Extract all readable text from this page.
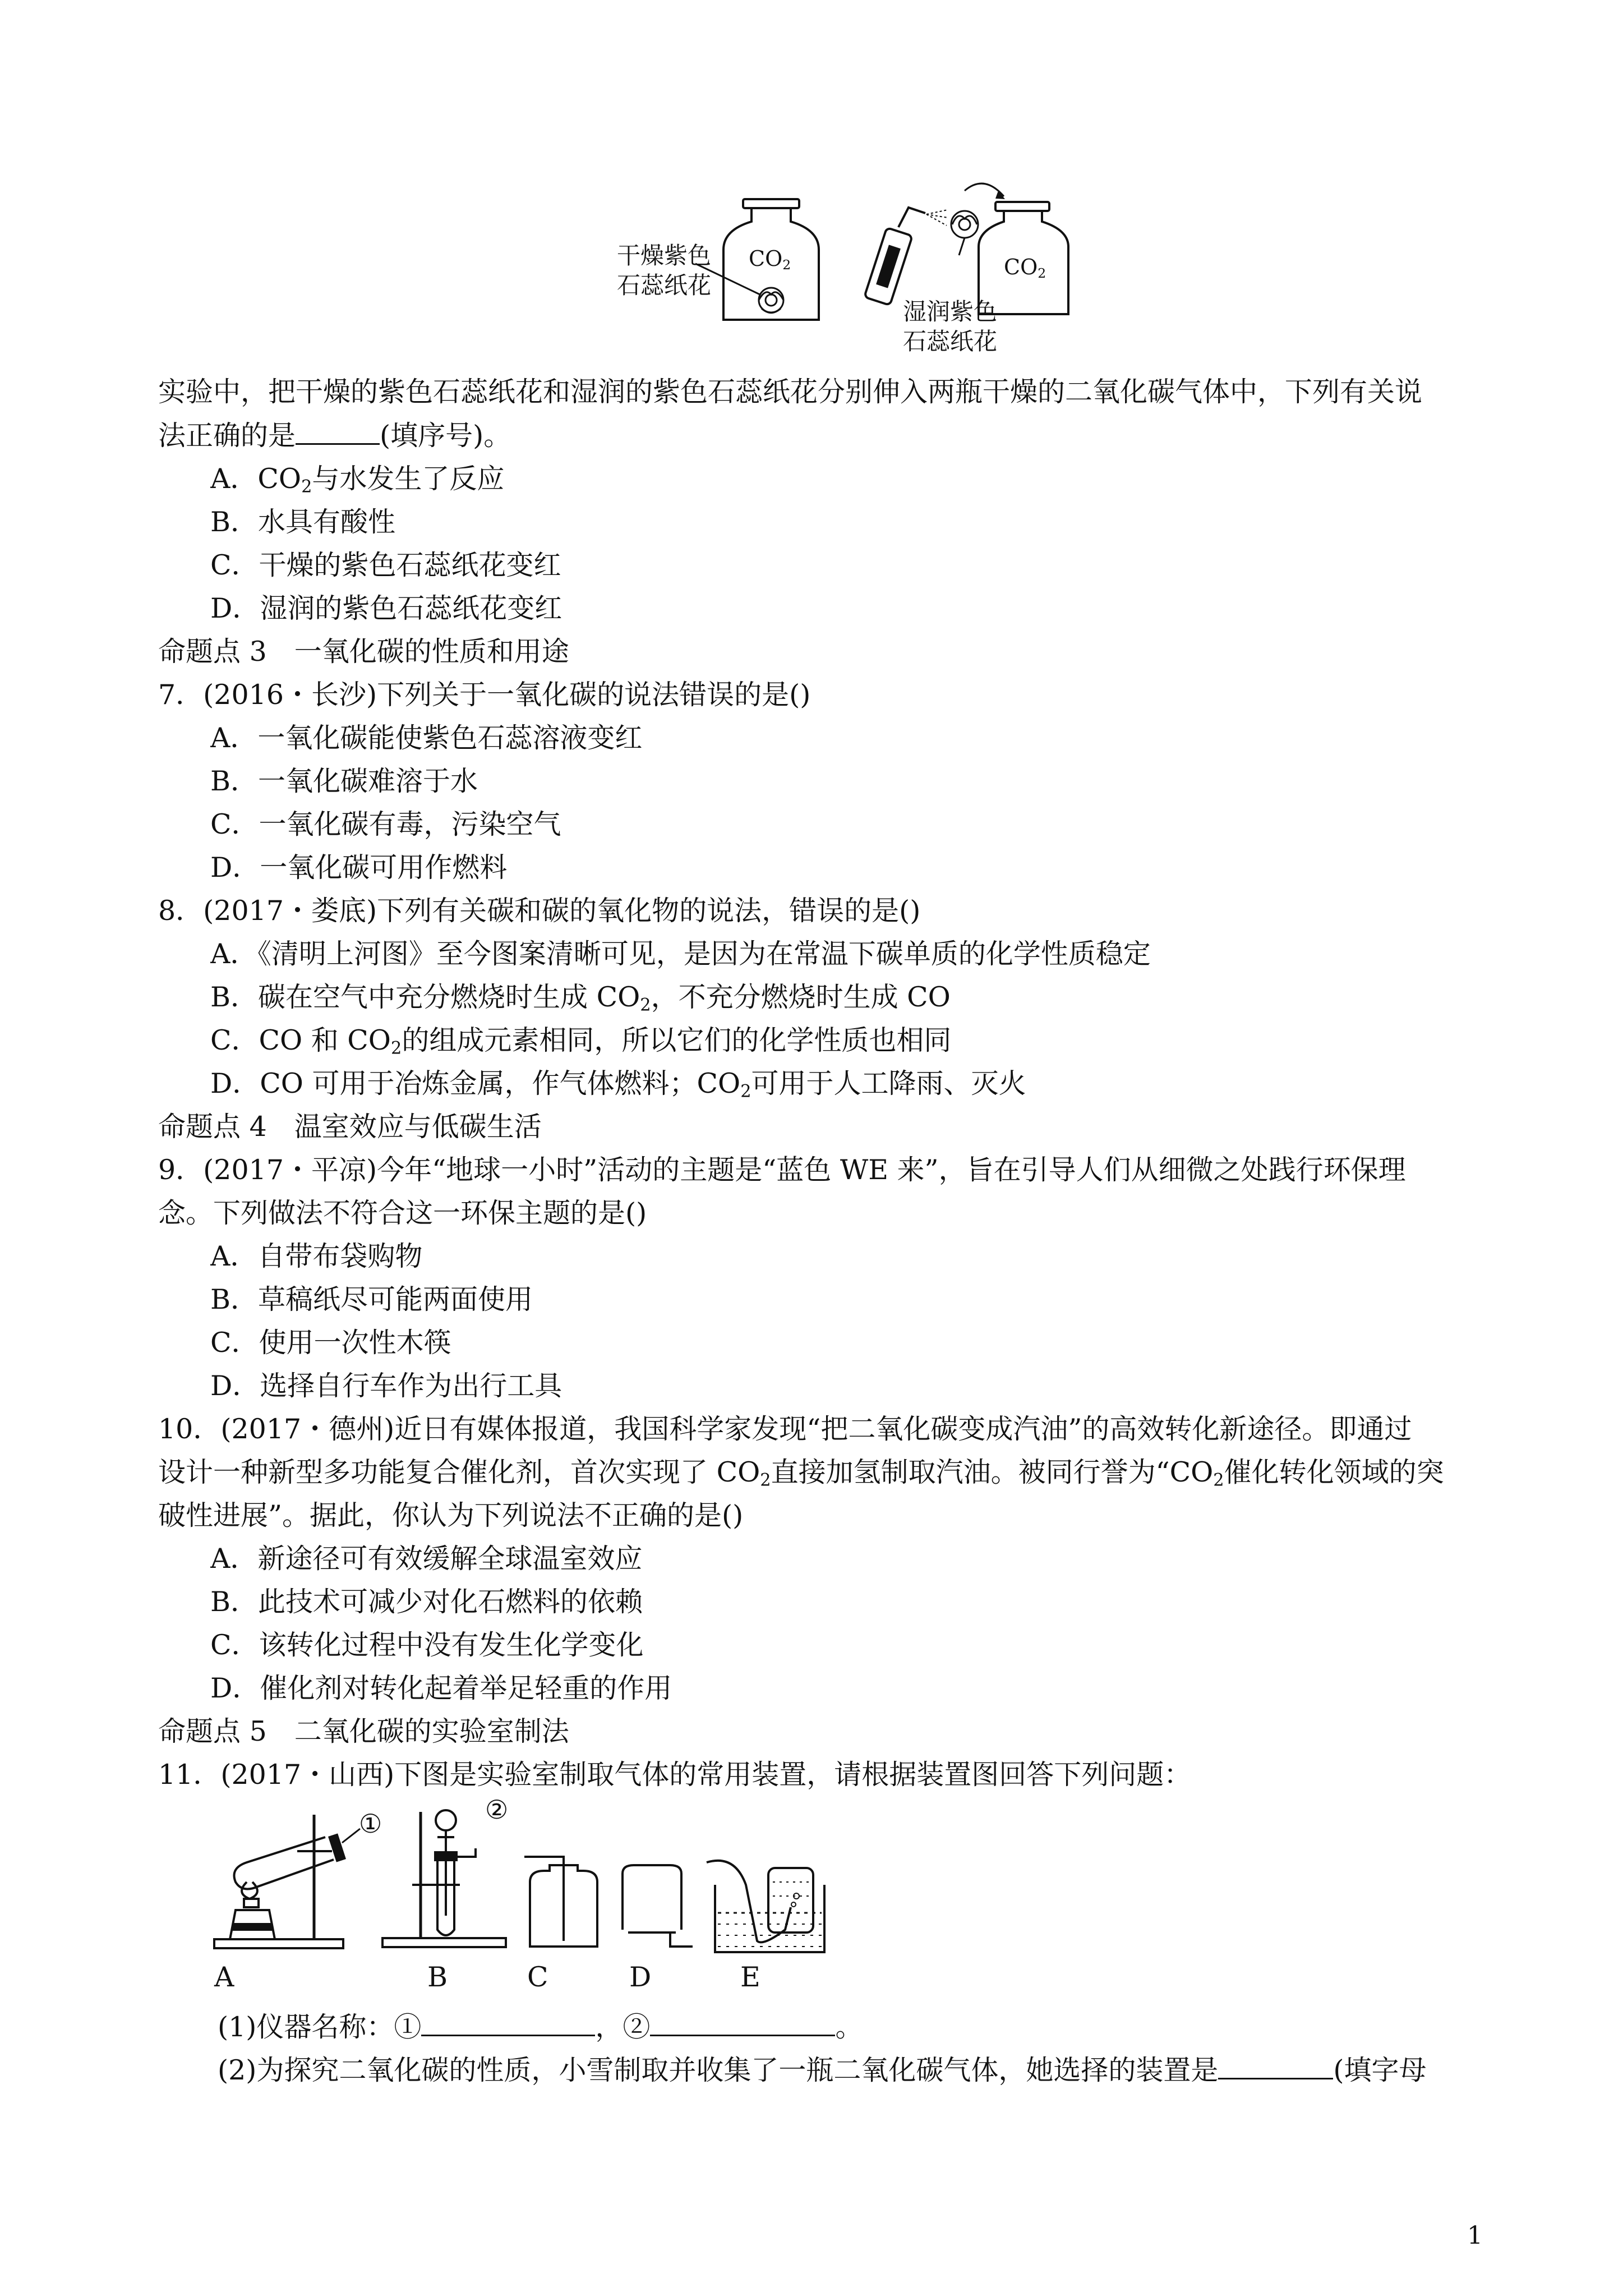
$CO_2$
干燥紫色
石蕊纸花
$CO_2$
湿润紫色
石蕊纸花
实验中，把干燥的紫色石蕊纸花和湿润的紫色石蕊纸花分别伸入两瓶干燥的二氧化碳气体中，下列有关说
法正确的是	(填序号)。
A．$CO_2$与水发生了反应
B．水具有酸性
C．干燥的紫色石蕊纸花变红
D．湿润的紫色石蕊纸花变红
命题点 3　一氧化碳的性质和用途
7．(2016・长沙)下列关于一氧化碳的说法错误的是()
A．一氧化碳能使紫色石蕊溶液变红
B．一氧化碳难溶于水
C．一氧化碳有毒，污染空气
D．一氧化碳可用作燃料
8．(2017・娄底)下列有关碳和碳的氧化物的说法，错误的是()
A．《清明上河图》至今图案清晰可见，是因为在常温下碳单质的化学性质稳定
B．碳在空气中充分燃烧时生成 $CO_2$，不充分燃烧时生成 CO
C．CO 和 $CO_2$的组成元素相同，所以它们的化学性质也相同
D．CO 可用于冶炼金属，作气体燃料；$CO_2$可用于人工降雨、灭火
命题点 4　温室效应与低碳生活
9．(2017・平凉)今年“地球一小时”活动的主题是“蓝色 WE 来”，旨在引导人们从细微之处践行环保理
念。下列做法不符合这一环保主题的是()
A．自带布袋购物
B．草稿纸尽可能两面使用
C．使用一次性木筷
D．选择自行车作为出行工具
10．(2017・德州)近日有媒体报道，我国科学家发现“把二氧化碳变成汽油”的高效转化新途径。即通过
设计一种新型多功能复合催化剂，首次实现了 $CO_2$直接加氢制取汽油。被同行誉为“$CO_2$催化转化领域的突
破性进展”。据此，你认为下列说法不正确的是()
A．新途径可有效缓解全球温室效应
B．此技术可减少对化石燃料的依赖
C．该转化过程中没有发生化学变化
D．催化剂对转化起着举足轻重的作用
命题点 5　二氧化碳的实验室制法
11．(2017・山西)下图是实验室制取气体的常用装置，请根据装置图回答下列问题：
①	②
A	B	C	D	E
(1)仪器名称：①	，②	。
(2)为探究二氧化碳的性质，小雪制取并收集了一瓶二氧化碳气体，她选择的装置是	(填字母
1
